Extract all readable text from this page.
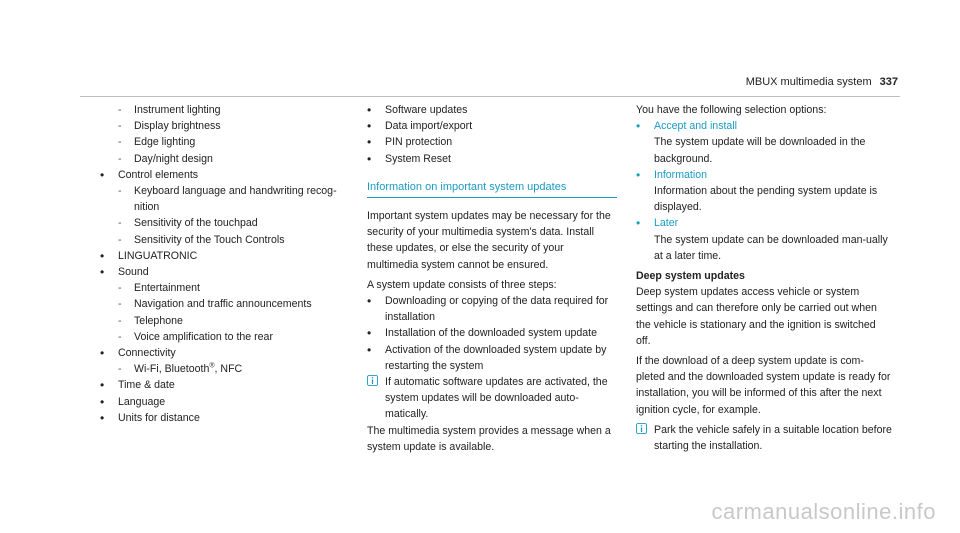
MBUX multimedia system 337
- Instrument lighting
- Display brightness
- Edge lighting
- Day/night design
• Control elements
- Keyboard language and handwriting recog-
nition
- Sensitivity of the touchpad
- Sensitivity of the Touch Controls
• LINGUATRONIC
• Sound
- Entertainment
- Navigation and traffic announcements
- Telephone
- Voice amplification to the rear
• Connectivity
- Wi-Fi, Bluetooth®, NFC
• Time & date
• Language
• Units for distance
• Software updates
• Data import/export
• PIN protection
• System Reset
Information on important system updates
Important system updates may be necessary for the security of your multimedia system's data. Install these updates, or else the security of your multimedia system cannot be ensured.
A system update consists of three steps:
• Downloading or copying of the data required for installation
• Installation of the downloaded system update
• Activation of the downloaded system update by restarting the system
If automatic software updates are activated, the system updates will be downloaded auto-matically.
The multimedia system provides a message when a system update is available.
You have the following selection options:
• Accept and install
The system update will be downloaded in the background.
• Information
Information about the pending system update is displayed.
• Later
The system update can be downloaded man-ually at a later time.
Deep system updates
Deep system updates access vehicle or system settings and can therefore only be carried out when the vehicle is stationary and the ignition is switched off.
If the download of a deep system update is com-pleted and the downloaded system update is ready for installation, you will be informed of this after the next ignition cycle, for example.
Park the vehicle safely in a suitable location before starting the installation.
carmanualsonline.info
